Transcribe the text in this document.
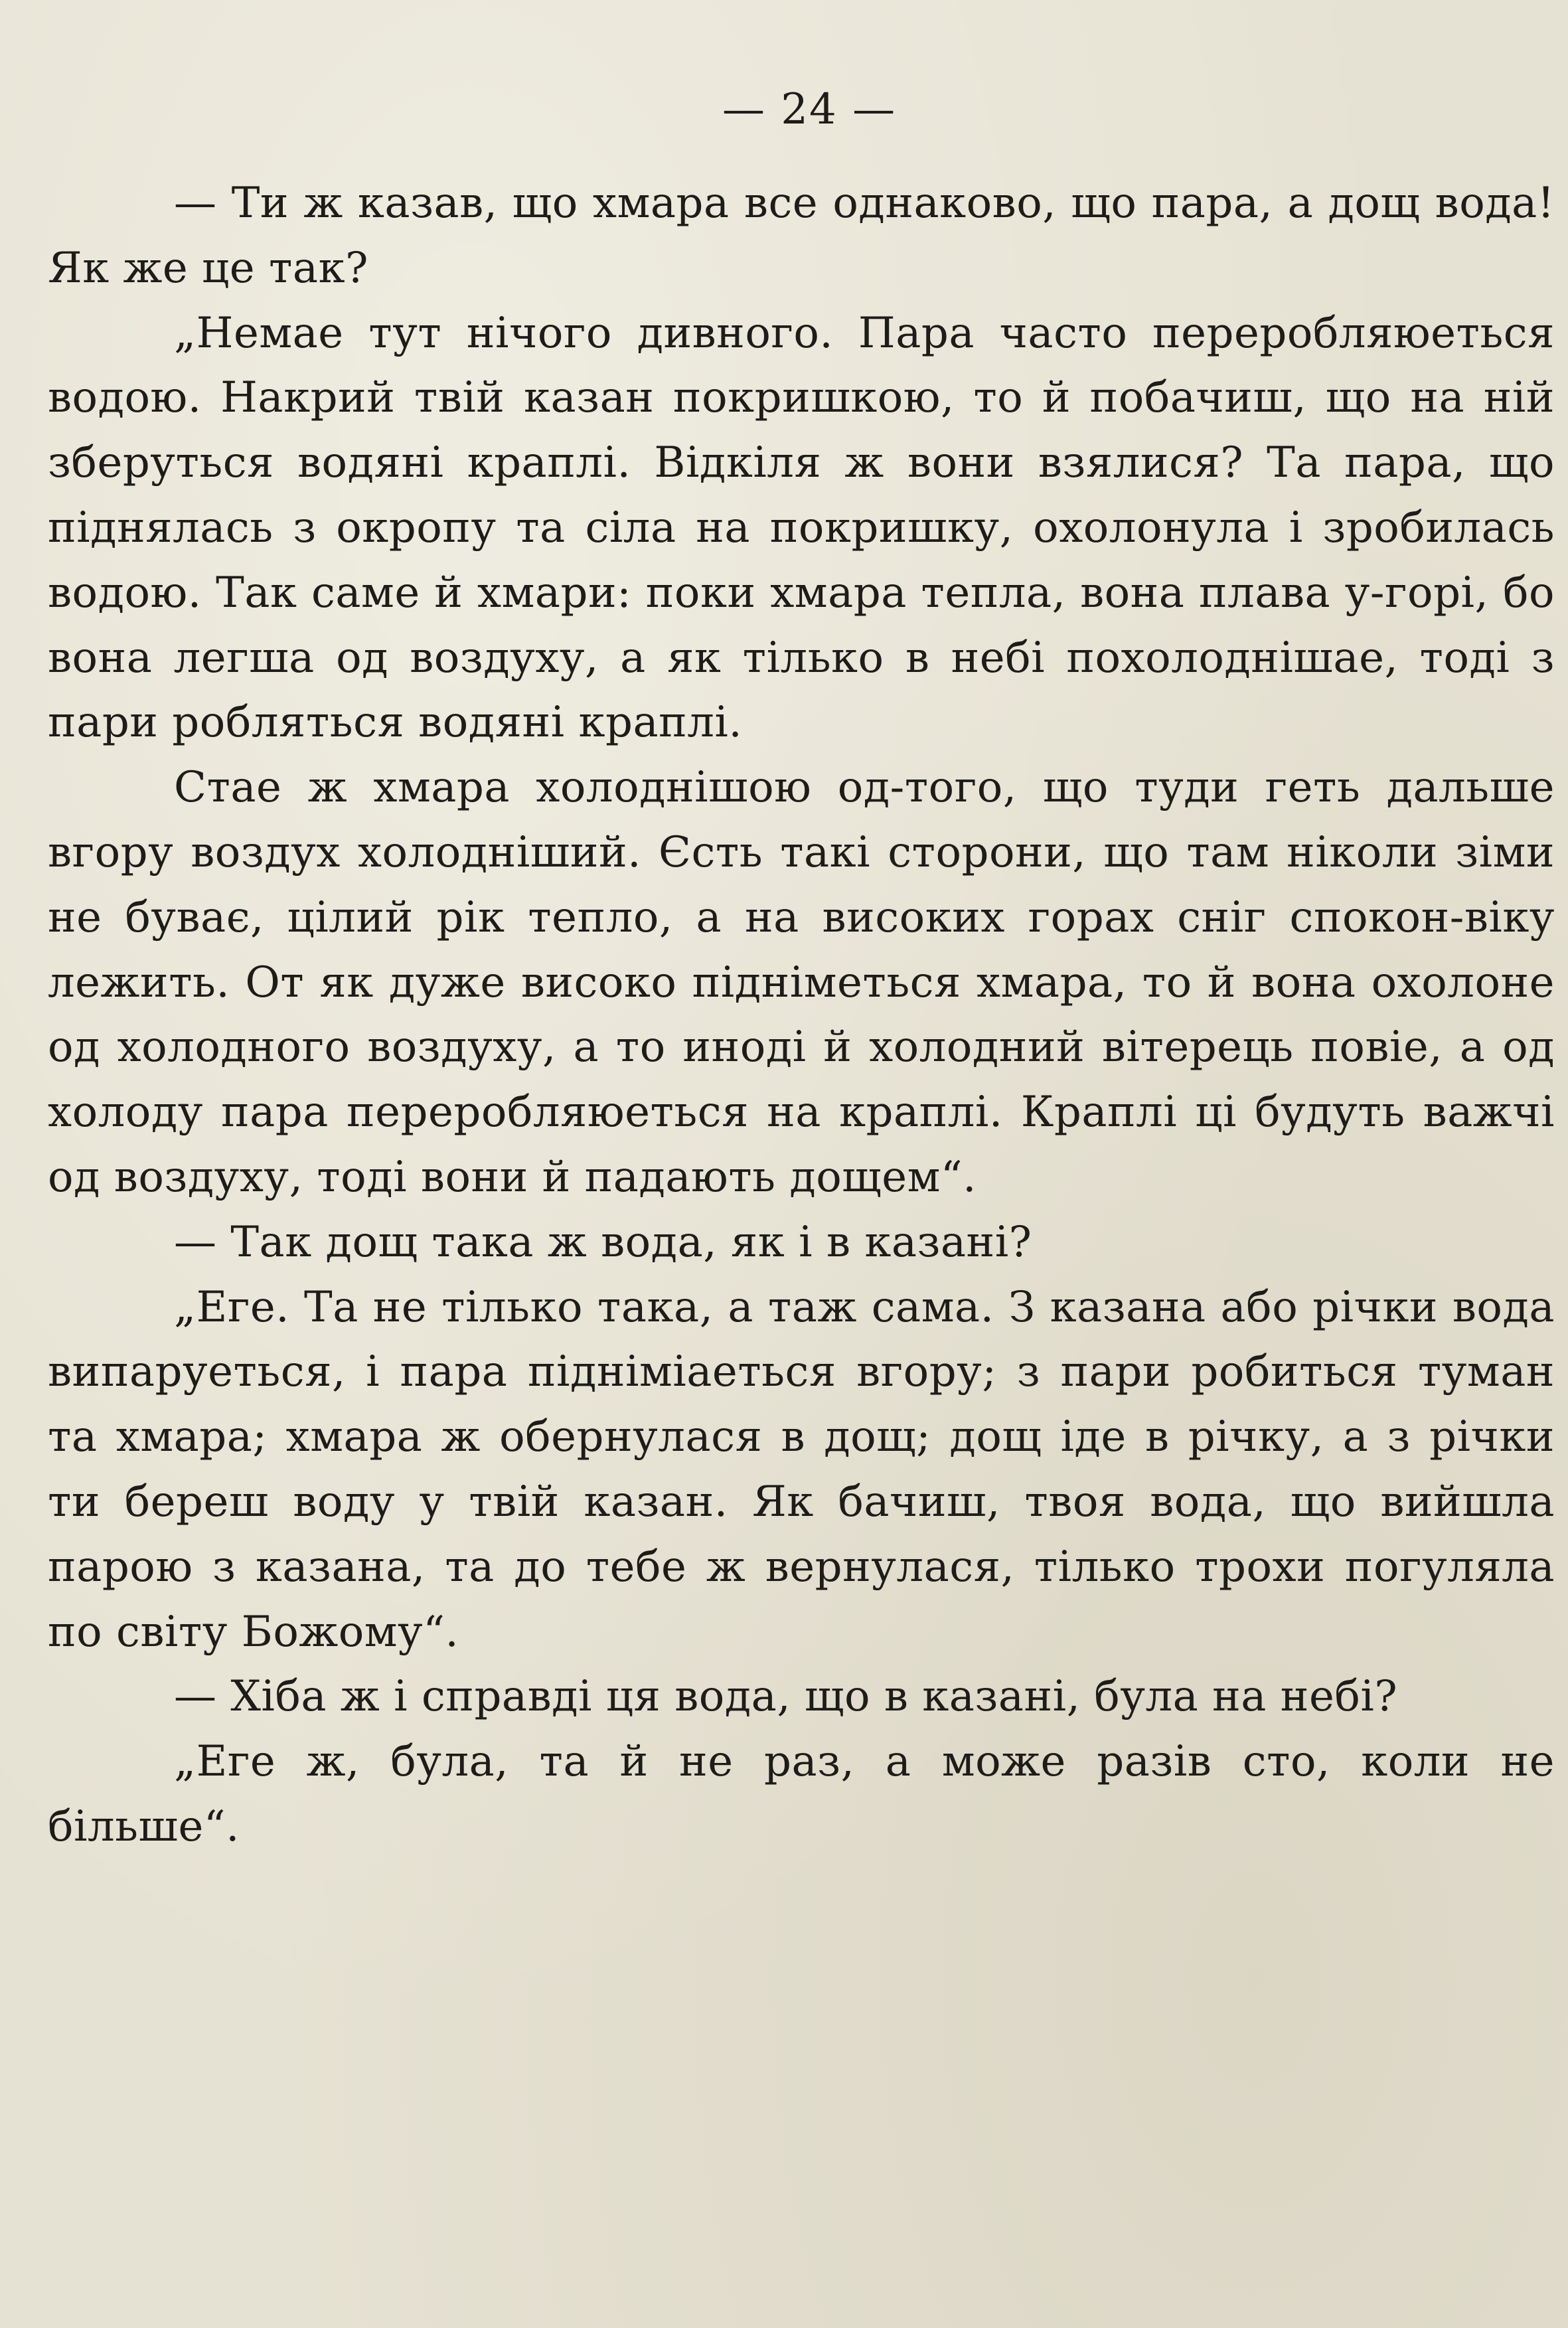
— 24 —

— Ти ж казав, що хмара все однаково, що пара, а дощ вода! Як же це так?

„Немае тут нічого дивного. Пара часто переробляюеться водою. Накрий твій казан покришкою, то й побачиш, що на ній зберуться водяні краплі. Відкіля ж вони взялися? Та пара, що піднялась з окропу та сіла на покришку, охолонула і зробилась водою. Так саме й хмари: поки хмара тепла, вона плава у-горі, бо вона легша од воздуху, а як тілько в небі похолоднішае, тоді з пари робляться водяні краплі.

Стае ж хмара холоднішою од-того, що туди геть дальше вгору воздух холодніший. Єсть такі сторони, що там ніколи зіми не буває, цілий рік тепло, а на високих горах сніг спокон-віку лежить. От як дуже високо підніметься хмара, то й вона охолоне од холодного воздуху, а то иноді й холодний вітерець повіе, а од холоду пара переробляюеться на краплі. Краплі ці будуть важчі од воздуху, тоді вони й падають дощем“.

— Так дощ така ж вода, як і в казані?

„Еге. Та не тілько така, а таж сама. З казана або річки вода випаруеться, і пара підніміаеться вгору; з пари робиться туман та хмара; хмара ж обернулася в дощ; дощ іде в річку, а з річки ти береш воду у твій казан. Як бачиш, твоя вода, що вийшла парою з казана, та до тебе ж вернулася, тілько трохи погуляла по світу Божому“.

— Хіба ж і справді ця вода, що в казані, була на небі?

„Еге ж, була, та й не раз, а може разів сто, коли не більше“.
